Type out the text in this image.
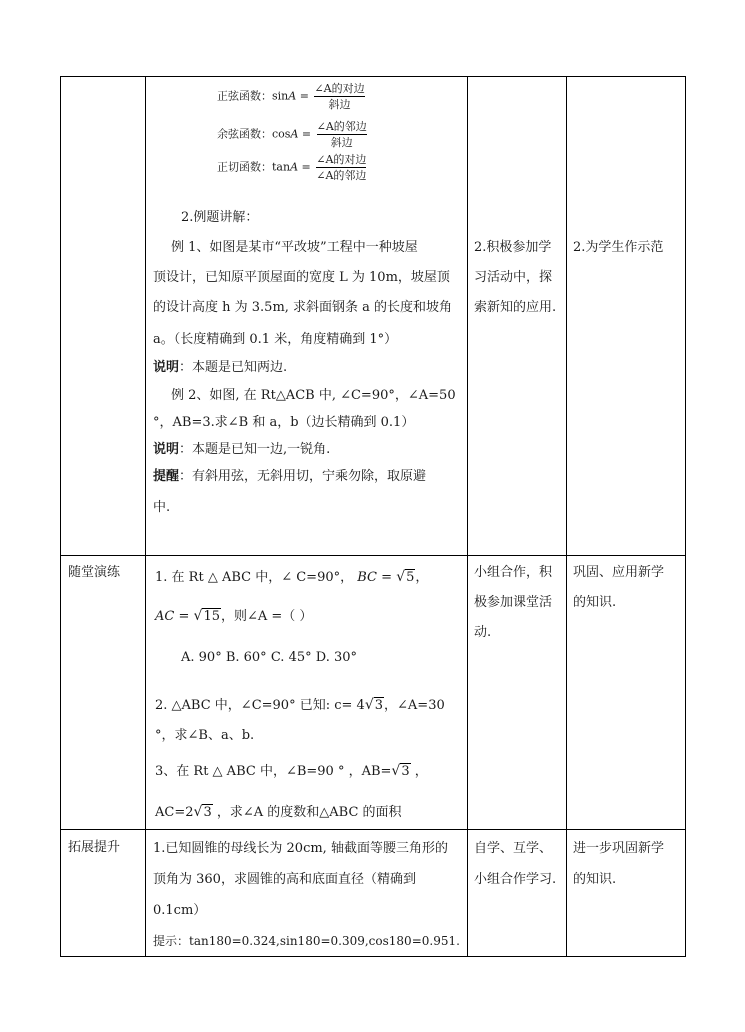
正弦函数：$\sin A = \frac{\text{∠A的对边}}{\text{斜边}}$
余弦函数：$\cos A = \frac{\text{∠A的邻边}}{\text{斜边}}$
正切函数：$\tan A = \frac{\text{∠A的对边}}{\text{∠A的邻边}}$
2.例题讲解：
例 1、如图是某市“平改坡”工程中一种坡屋
顶设计，已知原平顶屋面的宽度 L 为 10m，坡屋顶
的设计高度 h 为 3.5m, 求斜面钢条 a 的长度和坡角
a。（长度精确到 0.1 米，角度精确到 1°）
说明：本题是已知两边.
例 2、如图, 在 Rt△ACB 中, ∠C=90°，∠A=50
°，AB=3.求∠B 和 a，b（边长精确到 0.1）
说明：本题是已知一边,一锐角.
提醒：有斜用弦，无斜用切，宁乘勿除，取原避
中.
2.积极参加学
习活动中，探
索新知的应用.
2.为学生作示范
随堂演练	1. 在 Rt △ ABC 中，∠ C=90°， BC = √5，
AC = √15，则∠A =（ ）
A. 90° B. 60° C. 45° D. 30°
2. △ABC 中，∠C=90° 已知: c= 4√3，∠A=30
°，求∠B、a、b.
3、在 Rt △ ABC 中，∠B=90 ° ，AB=√3 ，
AC=2√3 ，求∠A 的度数和△ABC 的面积
小组合作，积
极参加课堂活
动.
巩固、应用新学
的知识.
拓展提升	1.已知圆锥的母线长为 20cm, 轴截面等腰三角形的
顶角为 360，求圆锥的高和底面直径（精确到
0.1cm）
提示：tan180=0.324,sin180=0.309,cos180=0.951.
自学、互学、
小组合作学习.
进一步巩固新学
的知识.
